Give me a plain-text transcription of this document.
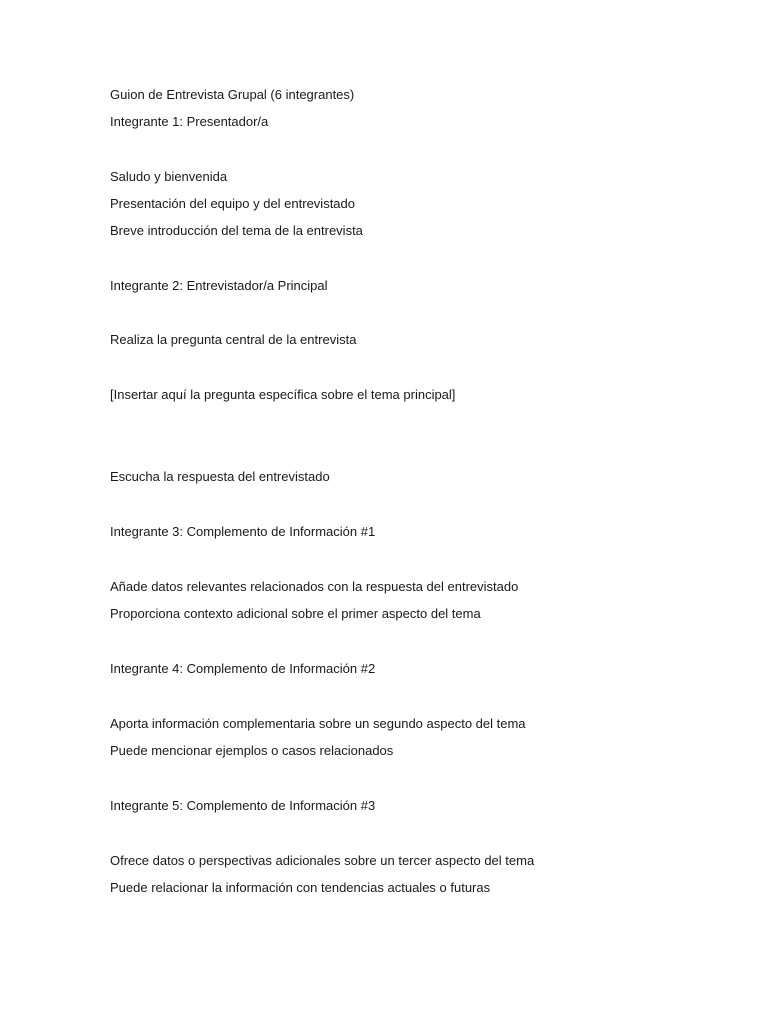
Guion de Entrevista Grupal (6 integrantes)
Integrante 1: Presentador/a
Saludo y bienvenida
Presentación del equipo y del entrevistado
Breve introducción del tema de la entrevista
Integrante 2: Entrevistador/a Principal
Realiza la pregunta central de la entrevista
[Insertar aquí la pregunta específica sobre el tema principal]
Escucha la respuesta del entrevistado
Integrante 3: Complemento de Información #1
Añade datos relevantes relacionados con la respuesta del entrevistado
Proporciona contexto adicional sobre el primer aspecto del tema
Integrante 4: Complemento de Información #2
Aporta información complementaria sobre un segundo aspecto del tema
Puede mencionar ejemplos o casos relacionados
Integrante 5: Complemento de Información #3
Ofrece datos o perspectivas adicionales sobre un tercer aspecto del tema
Puede relacionar la información con tendencias actuales o futuras
